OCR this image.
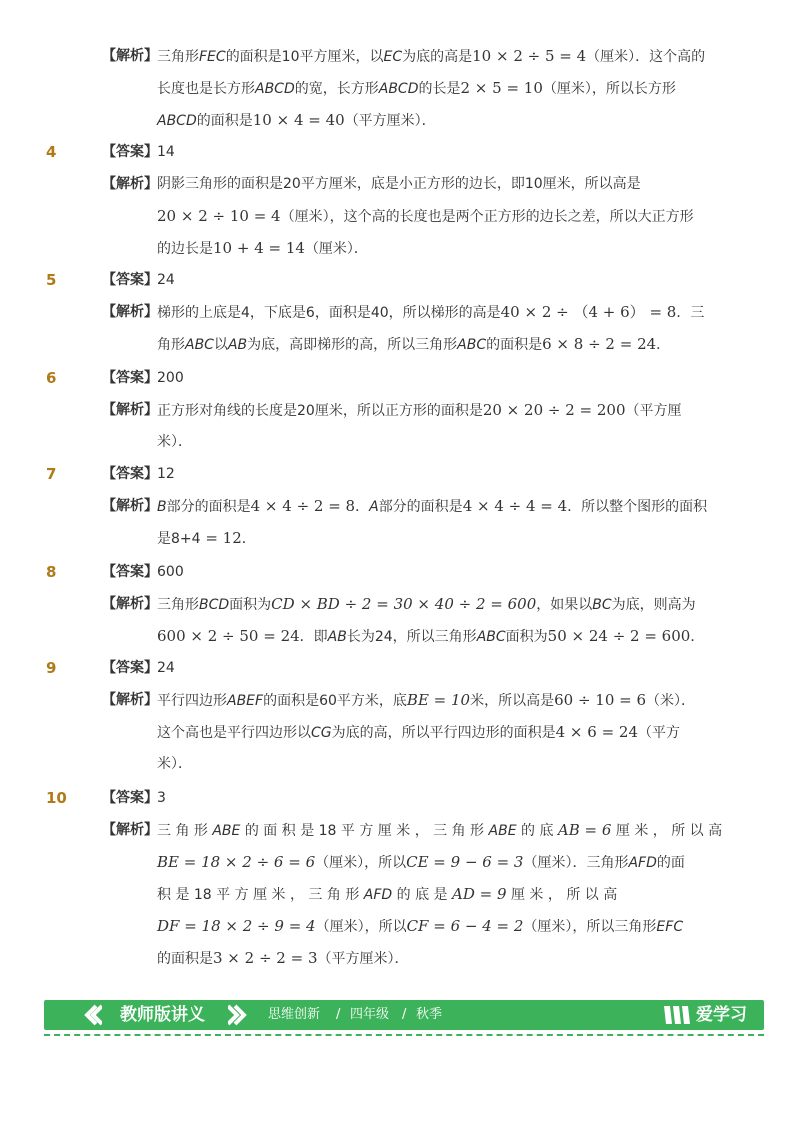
【解析】 三角形FEC的面积是10平方厘米，以EC为底的高是10 × 2 ÷ 5 = 4（厘米）．这个高的
长度也是长方形ABCD的宽，长方形ABCD的长是2 × 5 = 10（厘米），所以长方形
ABCD的面积是10 × 4 = 40（平方厘米）．
4	【答案】 14
【解析】 阴影三角形的面积是20平方厘米，底是小正方形的边长，即10厘米，所以高是
20 × 2 ÷ 10 = 4（厘米），这个高的长度也是两个正方形的边长之差，所以大正方形
的边长是10 + 4 = 14（厘米）．
5	【答案】 24
【解析】 梯形的上底是4，下底是6，面积是40，所以梯形的高是40 × 2 ÷ （4 + 6） = 8．三
角形ABC以AB为底，高即梯形的高，所以三角形ABC的面积是6 × 8 ÷ 2 = 24．
6	【答案】 200
【解析】 正方形对角线的长度是20厘米，所以正方形的面积是20 × 20 ÷ 2 = 200（平方厘
米）．
7	【答案】 12
【解析】 B部分的面积是4 × 4 ÷ 2 = 8．A部分的面积是4 × 4 ÷ 4 = 4．所以整个图形的面积
是8+4 = 12．
8	【答案】 600
【解析】 三角形BCD面积为CD × BD ÷ 2 = 30 × 40 ÷ 2 = 600，如果以BC为底，则高为
600 × 2 ÷ 50 = 24．即AB长为24，所以三角形ABC面积为50 × 24 ÷ 2 = 600．
9	【答案】 24
【解析】 平行四边形ABEF的面积是60平方米，底BE = 10米，所以高是60 ÷ 10 = 6（米）．
这个高也是平行四边形以CG为底的高，所以平行四边形的面积是4 × 6 = 24（平方
米）．
10	【答案】 3
【解析】 三 角 形 ABE 的 面 积 是 18 平 方 厘 米 ， 三 角 形 ABE 的 底 AB = 6 厘 米 ， 所 以 高
BE = 18 × 2 ÷ 6 = 6（厘米），所以CE = 9 − 6 = 3（厘米）．三角形AFD的面
积 是 18 平 方 厘 米 ， 三 角 形 AFD 的 底 是 AD = 9 厘 米 ， 所 以 高
DF = 18 × 2 ÷ 9 = 4（厘米），所以CF = 6 − 4 = 2（厘米），所以三角形EFC
的面积是3 × 2 ÷ 2 = 3（平方厘米）．
教师版讲义	思维创新 / 四年级 / 秋季	爱学习
